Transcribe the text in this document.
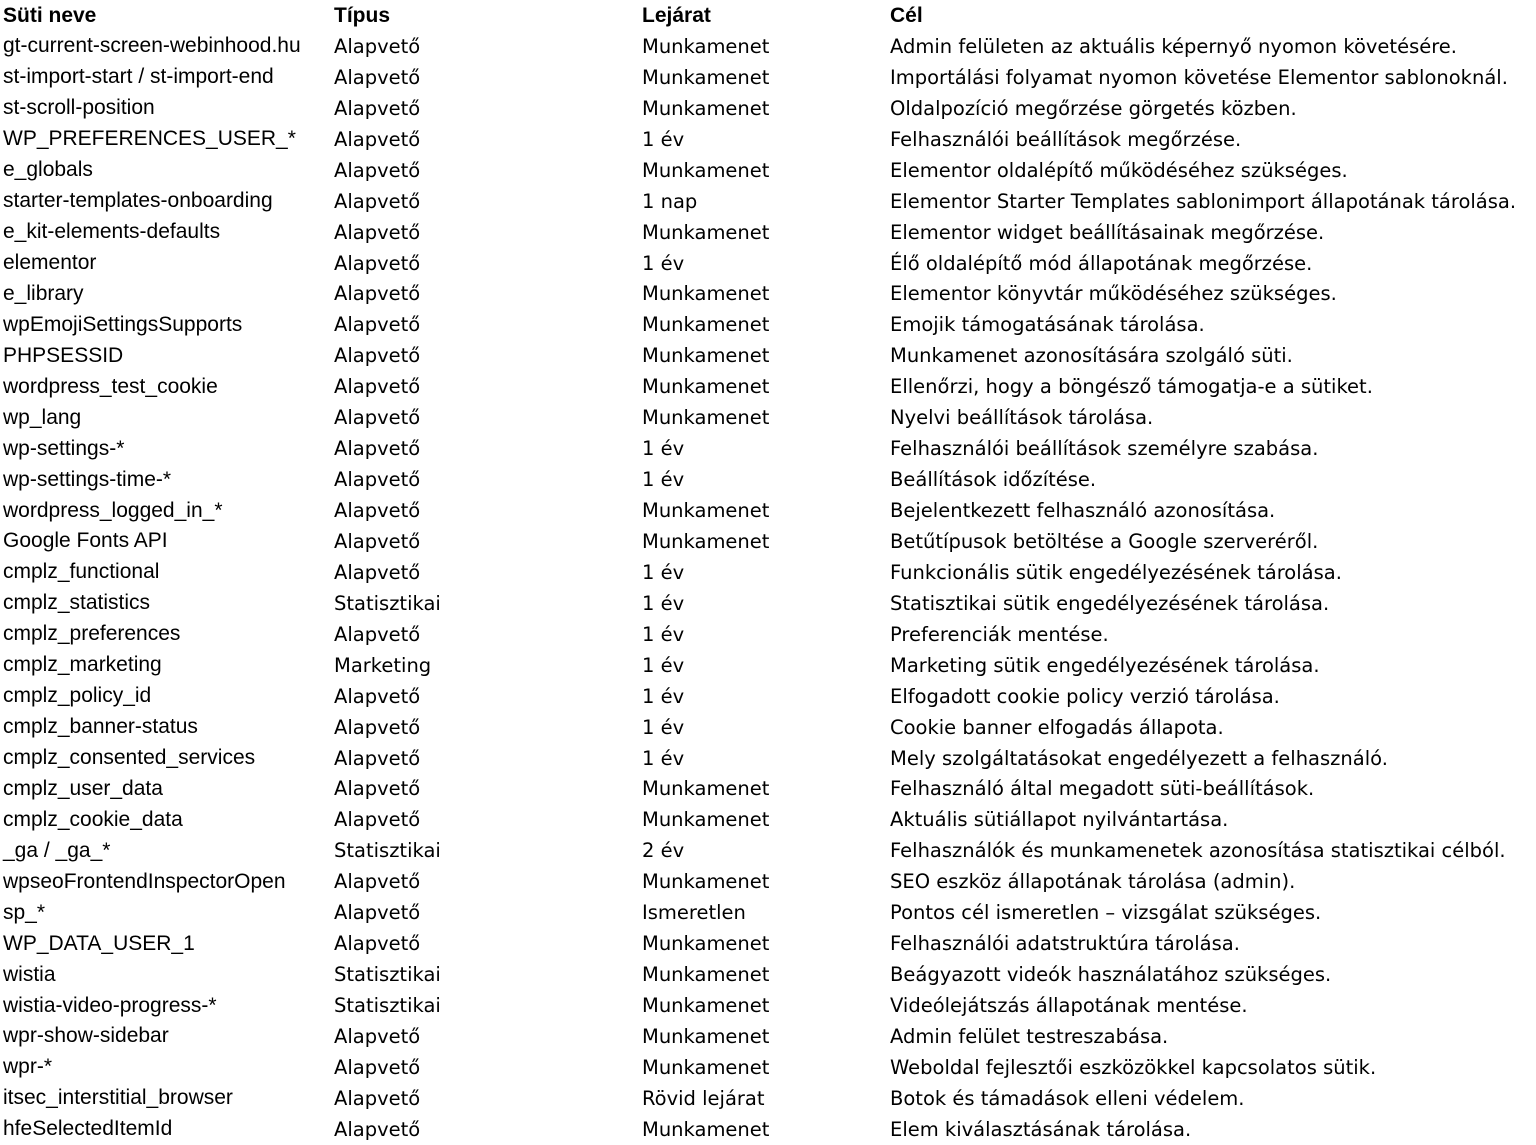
Süti neve	Típus	Lejárat	Cél
gt-current-screen-webinhood.hu	Alapvető	Munkamenet	Admin felületen az aktuális képernyő nyomon követésére.
st-import-start / st-import-end	Alapvető	Munkamenet	Importálási folyamat nyomon követése Elementor sablonoknál.
st-scroll-position	Alapvető	Munkamenet	Oldalpozíció megőrzése görgetés közben.
WP_PREFERENCES_USER_*	Alapvető	1 év	Felhasználói beállítások megőrzése.
e_globals	Alapvető	Munkamenet	Elementor oldalépítő működéséhez szükséges.
starter-templates-onboarding	Alapvető	1 nap	Elementor Starter Templates sablonimport állapotának tárolása.
e_kit-elements-defaults	Alapvető	Munkamenet	Elementor widget beállításainak megőrzése.
elementor	Alapvető	1 év	Élő oldalépítő mód állapotának megőrzése.
e_library	Alapvető	Munkamenet	Elementor könyvtár működéséhez szükséges.
wpEmojiSettingsSupports	Alapvető	Munkamenet	Emojik támogatásának tárolása.
PHPSESSID	Alapvető	Munkamenet	Munkamenet azonosítására szolgáló süti.
wordpress_test_cookie	Alapvető	Munkamenet	Ellenőrzi, hogy a böngésző támogatja-e a sütiket.
wp_lang	Alapvető	Munkamenet	Nyelvi beállítások tárolása.
wp-settings-*	Alapvető	1 év	Felhasználói beállítások személyre szabása.
wp-settings-time-*	Alapvető	1 év	Beállítások időzítése.
wordpress_logged_in_*	Alapvető	Munkamenet	Bejelentkezett felhasználó azonosítása.
Google Fonts API	Alapvető	Munkamenet	Betűtípusok betöltése a Google szerveréről.
cmplz_functional	Alapvető	1 év	Funkcionális sütik engedélyezésének tárolása.
cmplz_statistics	Statisztikai	1 év	Statisztikai sütik engedélyezésének tárolása.
cmplz_preferences	Alapvető	1 év	Preferenciák mentése.
cmplz_marketing	Marketing	1 év	Marketing sütik engedélyezésének tárolása.
cmplz_policy_id	Alapvető	1 év	Elfogadott cookie policy verzió tárolása.
cmplz_banner-status	Alapvető	1 év	Cookie banner elfogadás állapota.
cmplz_consented_services	Alapvető	1 év	Mely szolgáltatásokat engedélyezett a felhasználó.
cmplz_user_data	Alapvető	Munkamenet	Felhasználó által megadott süti-beállítások.
cmplz_cookie_data	Alapvető	Munkamenet	Aktuális sütiállapot nyilvántartása.
_ga / _ga_*	Statisztikai	2 év	Felhasználók és munkamenetek azonosítása statisztikai célból.
wpseoFrontendInspectorOpen	Alapvető	Munkamenet	SEO eszköz állapotának tárolása (admin).
sp_*	Alapvető	Ismeretlen	Pontos cél ismeretlen – vizsgálat szükséges.
WP_DATA_USER_1	Alapvető	Munkamenet	Felhasználói adatstruktúra tárolása.
wistia	Statisztikai	Munkamenet	Beágyazott videók használatához szükséges.
wistia-video-progress-*	Statisztikai	Munkamenet	Videólejátszás állapotának mentése.
wpr-show-sidebar	Alapvető	Munkamenet	Admin felület testreszabása.
wpr-*	Alapvető	Munkamenet	Weboldal fejlesztői eszközökkel kapcsolatos sütik.
itsec_interstitial_browser	Alapvető	Rövid lejárat	Botok és támadások elleni védelem.
hfeSelectedItemId	Alapvető	Munkamenet	Elem kiválasztásának tárolása.
